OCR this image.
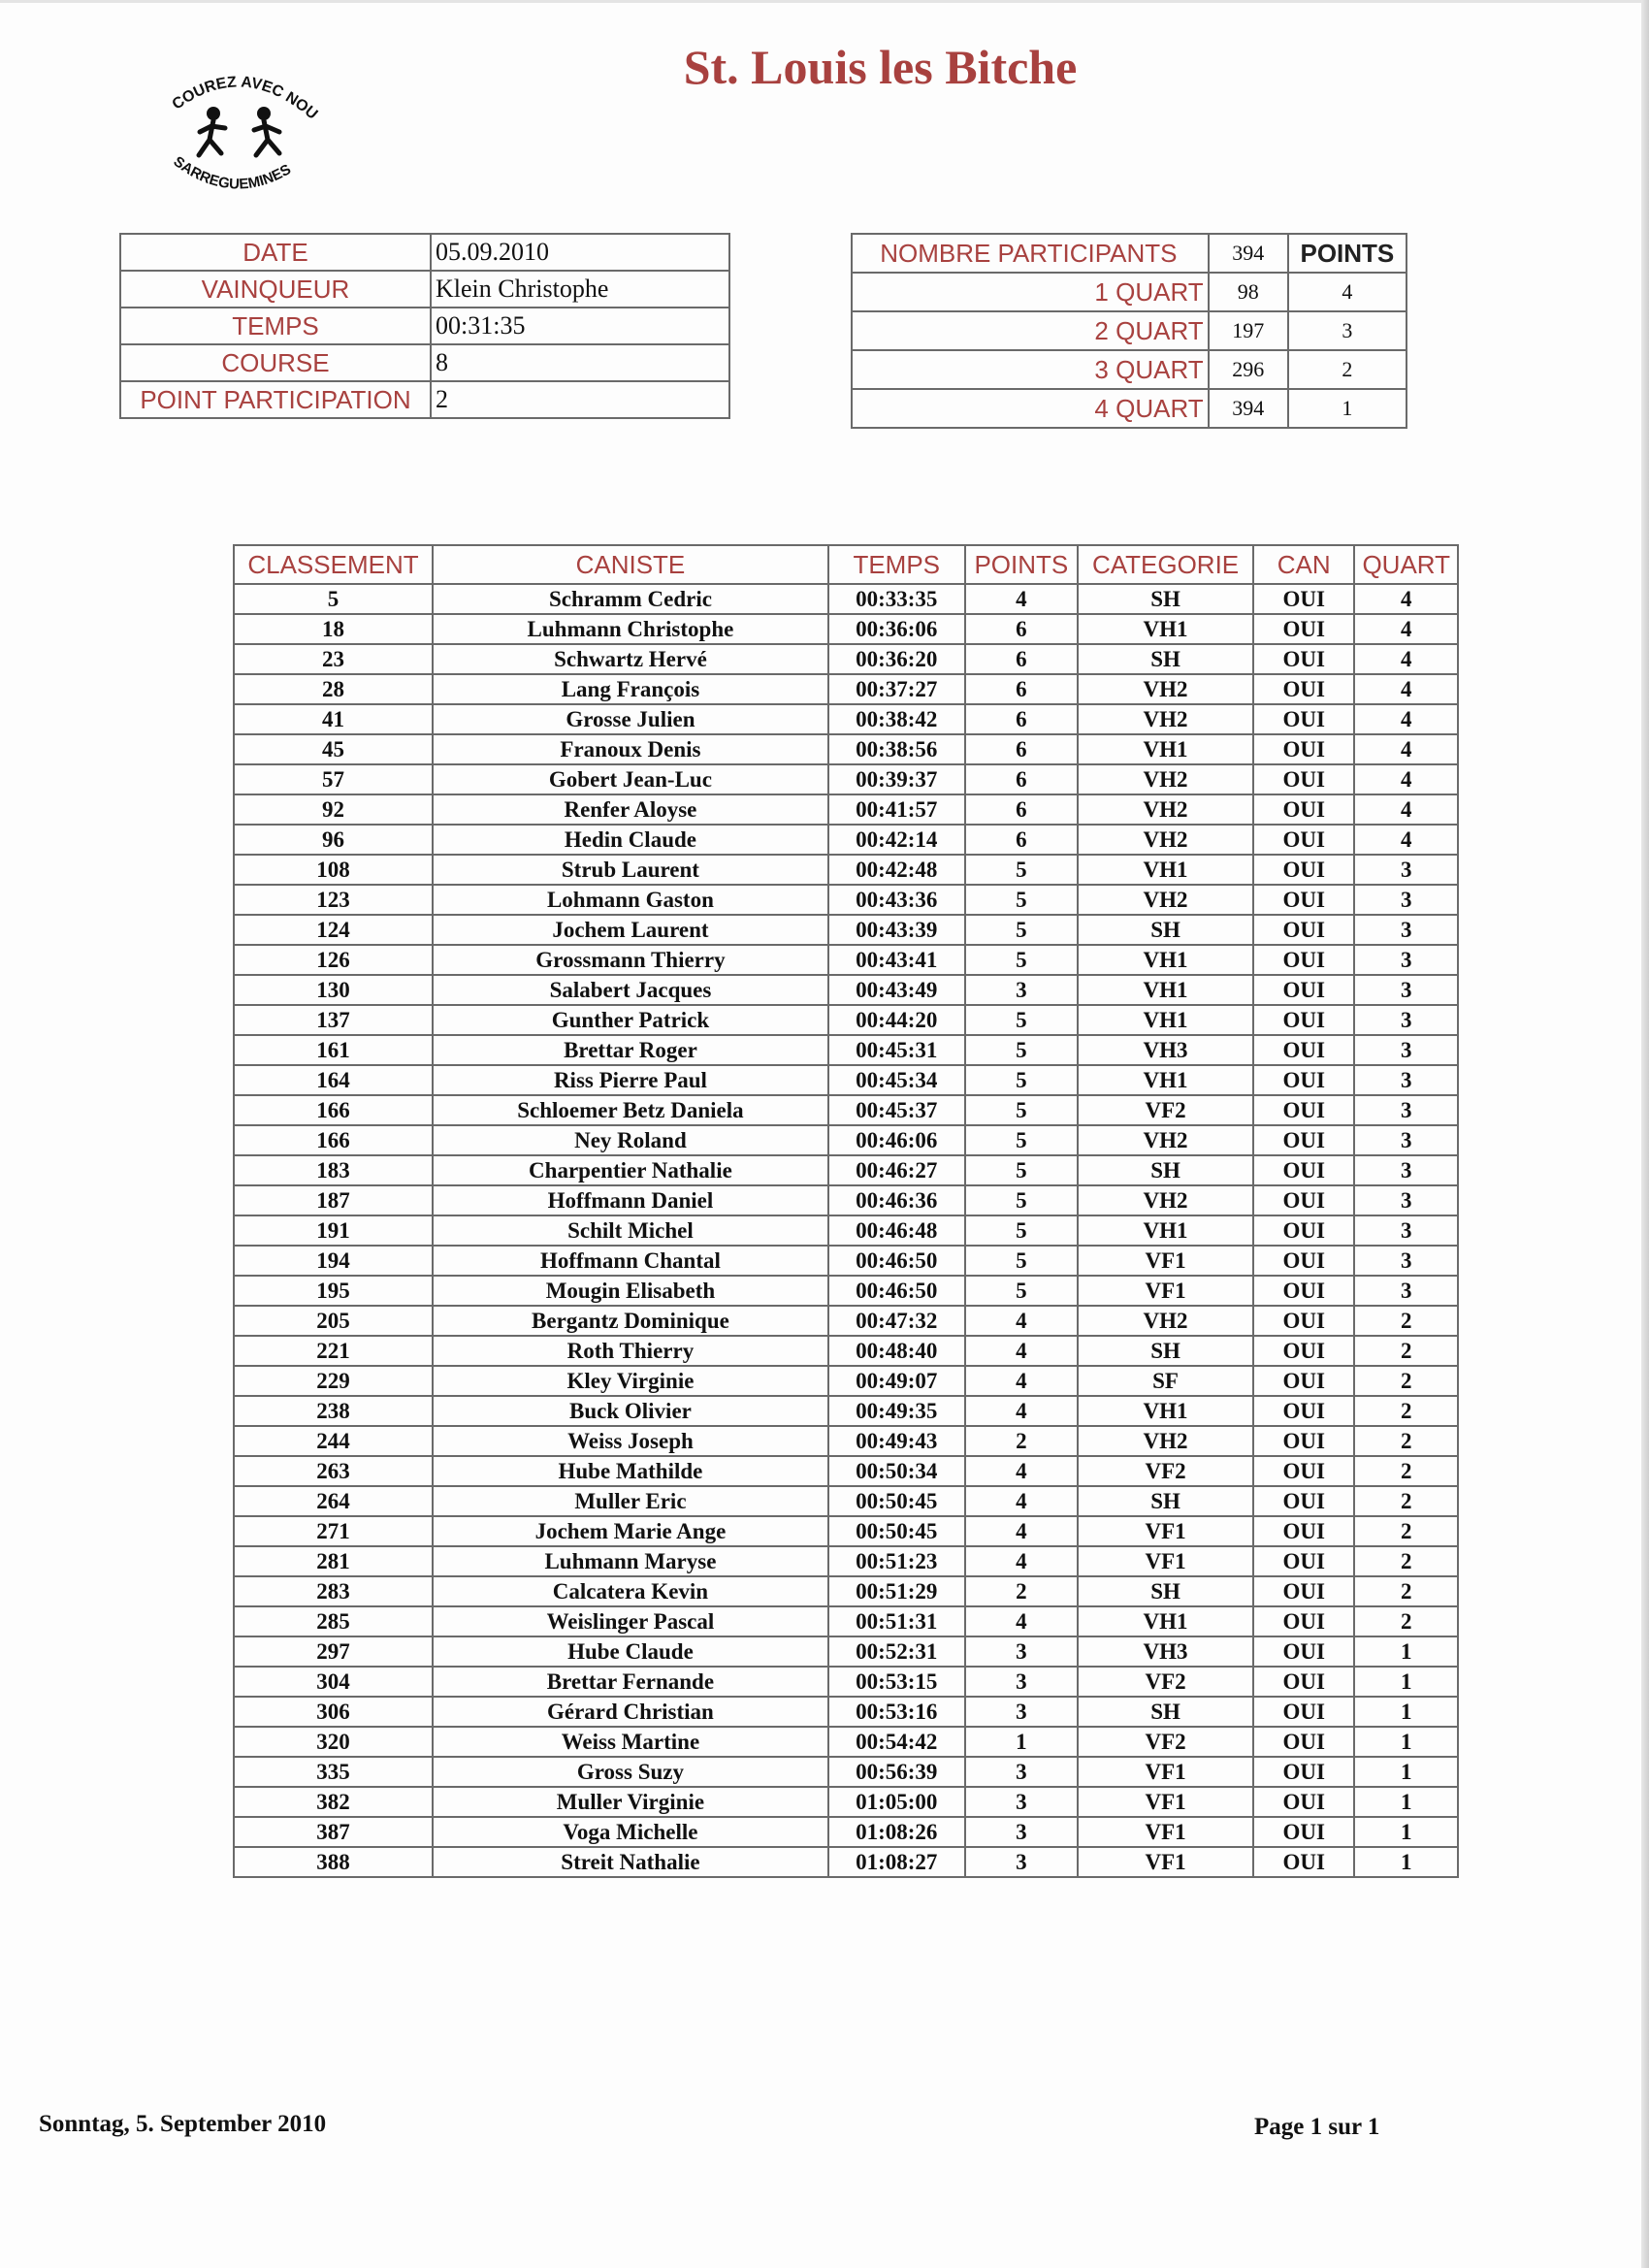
COUREZ AVEC NOU
SARREGUEMINES
St. Louis les Bitche
DATE	05.09.2010
VAINQUEUR	Klein Christophe
TEMPS	00:31:35
COURSE	8
POINT PARTICIPATION	2
NOMBRE PARTICIPANTS	394	POINTS
1 QUART	98	4
2 QUART	197	3
3 QUART	296	2
4 QUART	394	1
CLASSEMENT	CANISTE	TEMPS	POINTS	CATEGORIE	CAN	QUART
5	Schramm Cedric	00:33:35	4	SH	OUI	4
18	Luhmann Christophe	00:36:06	6	VH1	OUI	4
23	Schwartz Hervé	00:36:20	6	SH	OUI	4
28	Lang François	00:37:27	6	VH2	OUI	4
41	Grosse Julien	00:38:42	6	VH2	OUI	4
45	Franoux Denis	00:38:56	6	VH1	OUI	4
57	Gobert Jean-Luc	00:39:37	6	VH2	OUI	4
92	Renfer Aloyse	00:41:57	6	VH2	OUI	4
96	Hedin Claude	00:42:14	6	VH2	OUI	4
108	Strub Laurent	00:42:48	5	VH1	OUI	3
123	Lohmann Gaston	00:43:36	5	VH2	OUI	3
124	Jochem Laurent	00:43:39	5	SH	OUI	3
126	Grossmann Thierry	00:43:41	5	VH1	OUI	3
130	Salabert Jacques	00:43:49	3	VH1	OUI	3
137	Gunther Patrick	00:44:20	5	VH1	OUI	3
161	Brettar Roger	00:45:31	5	VH3	OUI	3
164	Riss Pierre Paul	00:45:34	5	VH1	OUI	3
166	Schloemer Betz Daniela	00:45:37	5	VF2	OUI	3
166	Ney Roland	00:46:06	5	VH2	OUI	3
183	Charpentier Nathalie	00:46:27	5	SH	OUI	3
187	Hoffmann Daniel	00:46:36	5	VH2	OUI	3
191	Schilt Michel	00:46:48	5	VH1	OUI	3
194	Hoffmann Chantal	00:46:50	5	VF1	OUI	3
195	Mougin Elisabeth	00:46:50	5	VF1	OUI	3
205	Bergantz Dominique	00:47:32	4	VH2	OUI	2
221	Roth Thierry	00:48:40	4	SH	OUI	2
229	Kley Virginie	00:49:07	4	SF	OUI	2
238	Buck Olivier	00:49:35	4	VH1	OUI	2
244	Weiss Joseph	00:49:43	2	VH2	OUI	2
263	Hube Mathilde	00:50:34	4	VF2	OUI	2
264	Muller Eric	00:50:45	4	SH	OUI	2
271	Jochem Marie Ange	00:50:45	4	VF1	OUI	2
281	Luhmann Maryse	00:51:23	4	VF1	OUI	2
283	Calcatera Kevin	00:51:29	2	SH	OUI	2
285	Weislinger Pascal	00:51:31	4	VH1	OUI	2
297	Hube Claude	00:52:31	3	VH3	OUI	1
304	Brettar Fernande	00:53:15	3	VF2	OUI	1
306	Gérard Christian	00:53:16	3	SH	OUI	1
320	Weiss Martine	00:54:42	1	VF2	OUI	1
335	Gross Suzy	00:56:39	3	VF1	OUI	1
382	Muller Virginie	01:05:00	3	VF1	OUI	1
387	Voga Michelle	01:08:26	3	VF1	OUI	1
388	Streit Nathalie	01:08:27	3	VF1	OUI	1
Sonntag, 5. September 2010	Page 1 sur 1
